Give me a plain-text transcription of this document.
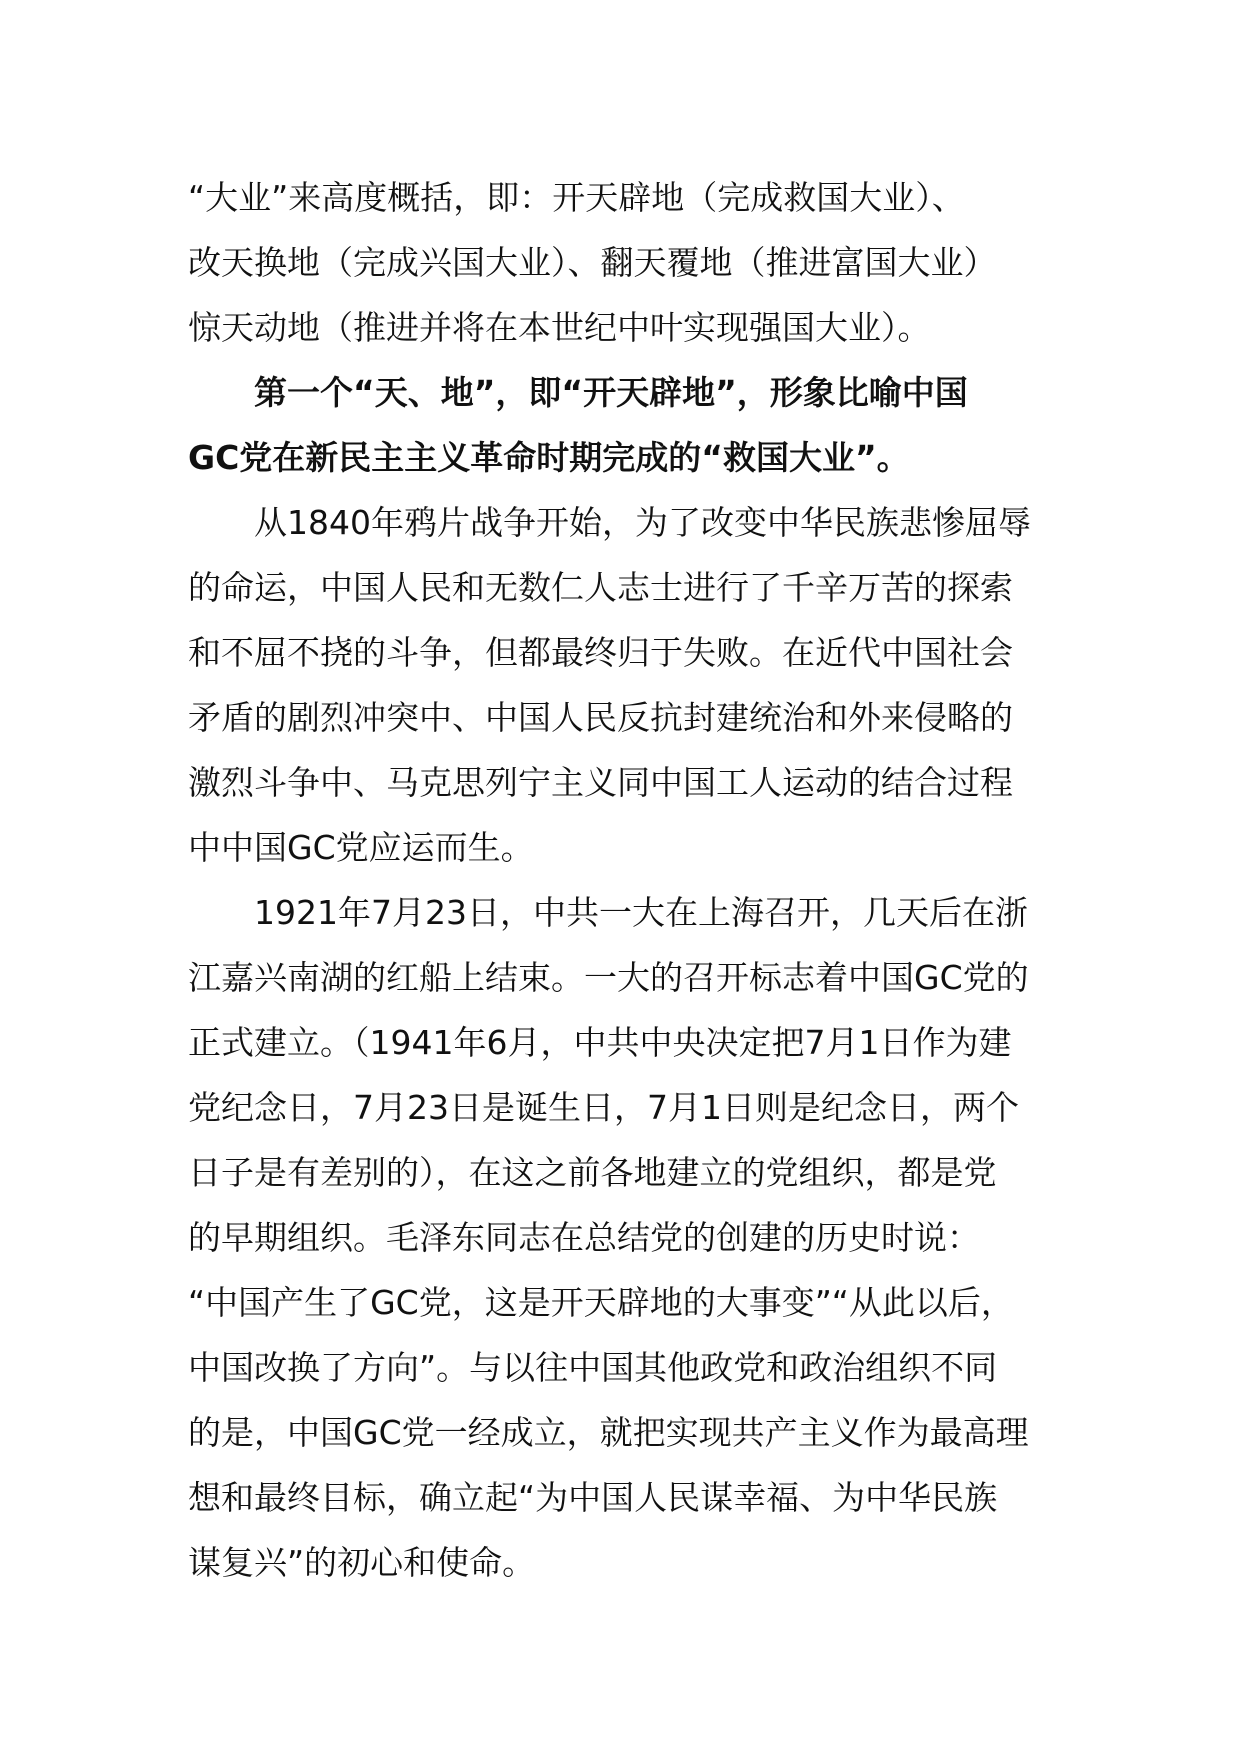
“大业”来高度概括，即：开天辟地（完成救国大业）、
改天换地（完成兴国大业）、翻天覆地（推进富国大业）
惊天动地（推进并将在本世纪中叶实现强国大业）。

第一个“天、地”，即“开天辟地”，形象比喻中国
GC党在新民主主义革命时期完成的“救国大业”。

从1840年鸦片战争开始，为了改变中华民族悲惨屈辱
的命运，中国人民和无数仁人志士进行了千辛万苦的探索
和不屈不挠的斗争，但都最终归于失败。在近代中国社会
矛盾的剧烈冲突中、中国人民反抗封建统治和外来侵略的
激烈斗争中、马克思列宁主义同中国工人运动的结合过程
中中国GC党应运而生。

1921年7月23日，中共一大在上海召开，几天后在浙
江嘉兴南湖的红船上结束。一大的召开标志着中国GC党的
正式建立。（1941年6月，中共中央决定把7月1日作为建
党纪念日，7月23日是诞生日，7月1日则是纪念日，两个
日子是有差别的），在这之前各地建立的党组织，都是党
的早期组织。毛泽东同志在总结党的创建的历史时说：
“中国产生了GC党，这是开天辟地的大事变”“从此以后，
中国改换了方向”。与以往中国其他政党和政治组织不同
的是，中国GC党一经成立，就把实现共产主义作为最高理
想和最终目标，确立起“为中国人民谋幸福、为中华民族
谋复兴”的初心和使命。
